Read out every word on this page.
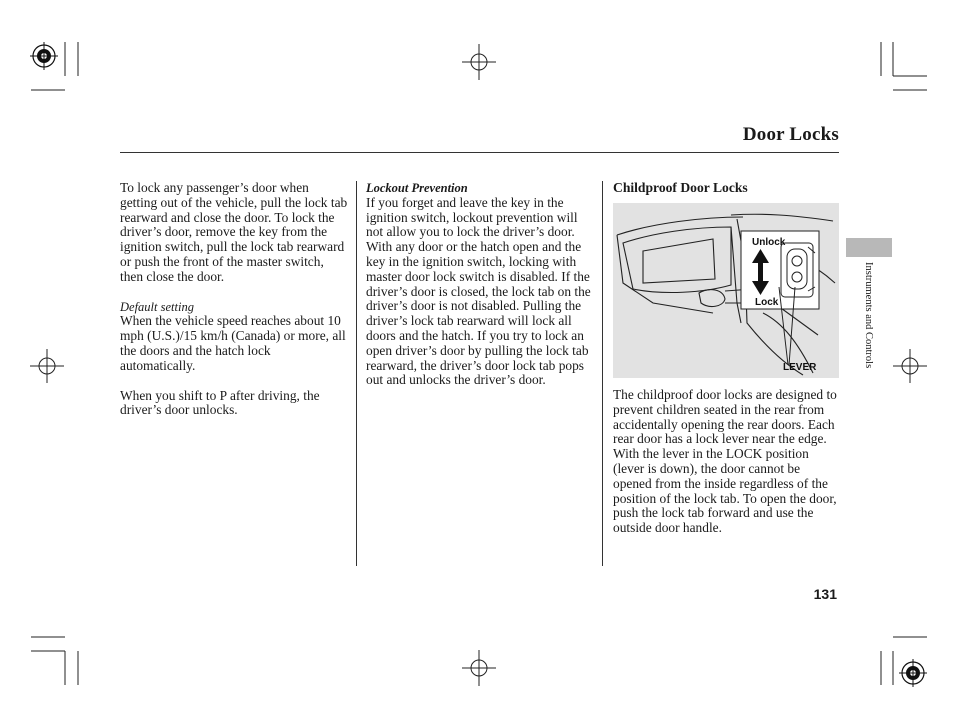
Door Locks
Instruments and Controls

To lock any passenger’s door when getting out of the vehicle, pull the lock tab rearward and close the door. To lock the driver’s door, remove the key from the ignition switch, pull the lock tab rearward or push the front of the master switch, then close the door.

Default setting

When the vehicle speed reaches about 10 mph (U.S.)/15 km/h (Canada) or more, all the doors and the hatch lock automatically.

When you shift to P after driving, the driver’s door unlocks.

Lockout Prevention

If you forget and leave the key in the ignition switch, lockout prevention will not allow you to lock the driver’s door. With any door or the hatch open and the key in the ignition switch, locking with master door lock switch is disabled. If the driver’s door is closed, the lock tab on the driver’s door is not disabled. Pulling the driver’s lock tab rearward will lock all doors and the hatch. If you try to lock an open driver’s door by pulling the lock tab rearward, the driver’s door lock tab pops out and unlocks the driver’s door.

Childproof Door Locks

Unlock
Lock
LEVER

The childproof door locks are designed to prevent children seated in the rear from accidentally opening the rear doors. Each rear door has a lock lever near the edge. With the lever in the LOCK position (lever is down), the door cannot be opened from the inside regardless of the position of the lock tab. To open the door, push the lock tab forward and use the outside door handle.

131
